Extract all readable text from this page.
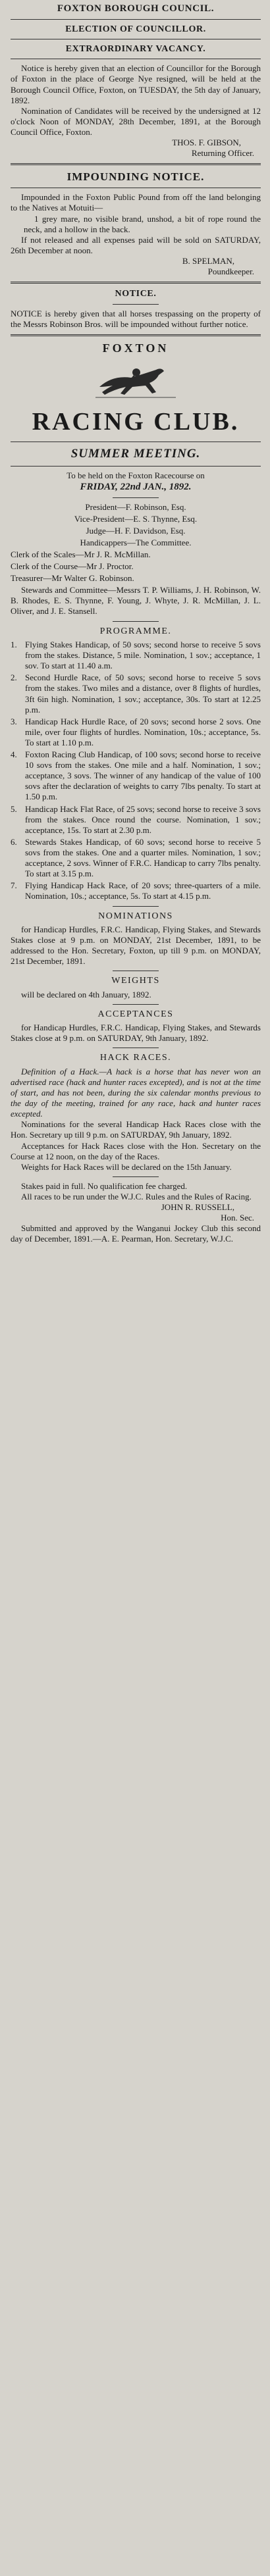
FOXTON BOROUGH COUNCIL.

ELECTION OF COUNCILLOR.

EXTRAORDINARY VACANCY.

Notice is hereby given that an election of Councillor for the Borough of Foxton in the place of George Nye resigned, will be held at the Borough Council Office, Foxton, on TUESDAY, the 5th day of January, 1892.

Nomination of Candidates will be received by the undersigned at 12 o'clock Noon of MONDAY, 28th December, 1891, at the Borough Council Office, Foxton.

THOS. F. GIBSON,

Returning Officer.

IMPOUNDING NOTICE.

Impounded in the Foxton Public Pound from off the land belonging to the Natives at Motuiti—

1 grey mare, no visible brand, unshod, a bit of rope round the neck, and a hollow in the back.

If not released and all expenses paid will be sold on SATURDAY, 26th December at noon.

B. SPELMAN,

Poundkeeper.

NOTICE.

NOTICE is hereby given that all horses trespassing on the property of the Messrs Robinson Bros. will be impounded without further notice.

FOXTON

RACING CLUB.

SUMMER MEETING.

To be held on the Foxton Racecourse on

FRIDAY, 22nd JAN., 1892.

President—F. Robinson, Esq.

Vice-President—E. S. Thynne, Esq.

Judge—H. F. Davidson, Esq.

Handicappers—The Committee.

Clerk of the Scales—Mr J. R. McMillan.

Clerk of the Course—Mr J. Proctor.

Treasurer—Mr Walter G. Robinson.

Stewards and Committee—Messrs T. P. Williams, J. H. Robinson, W. B. Rhodes, E. S. Thynne, F. Young, J. Whyte, J. R. McMillan, J. L. Oliver, and J. E. Stansell.

PROGRAMME.

1. Flying Stakes Handicap, of 50 sovs; second horse to receive 5 sovs from the stakes. Distance, 5 mile. Nomination, 1 sov.; acceptance, 1 sov. To start at 11.40 a.m.
2. Second Hurdle Race, of 50 sovs; second horse to receive 5 sovs from the stakes. Two miles and a distance, over 8 flights of hurdles, 3ft 6in high. Nomination, 1 sov.; acceptance, 30s. To start at 12.25 p.m.
3. Handicap Hack Hurdle Race, of 20 sovs; second horse 2 sovs. One mile, over four flights of hurdles. Nomination, 10s.; acceptance, 5s. To start at 1.10 p.m.
4. Foxton Racing Club Handicap, of 100 sovs; second horse to receive 10 sovs from the stakes. One mile and a half. Nomination, 1 sov.; acceptance, 3 sovs. The winner of any handicap of the value of 100 sovs after the declaration of weights to carry 7lbs penalty. To start at 1.50 p.m.
5. Handicap Hack Flat Race, of 25 sovs; second horse to receive 3 sovs from the stakes. Once round the course. Nomination, 1 sov.; acceptance, 15s. To start at 2.30 p.m.
6. Stewards Stakes Handicap, of 60 sovs; second horse to receive 5 sovs from the stakes. One and a quarter miles. Nomination, 1 sov.; acceptance, 2 sovs. Winner of F.R.C. Handicap to carry 7lbs penalty. To start at 3.15 p.m.
7. Flying Handicap Hack Race, of 20 sovs; three-quarters of a mile. Nomination, 10s.; acceptance, 5s. To start at 4.15 p.m.

NOMINATIONS

for Handicap Hurdles, F.R.C. Handicap, Flying Stakes, and Stewards Stakes close at 9 p.m. on MONDAY, 21st December, 1891, to be addressed to the Hon. Secretary, Foxton, up till 9 p.m. on MONDAY, 21st December, 1891.

WEIGHTS

will be declared on 4th January, 1892.

ACCEPTANCES

for Handicap Hurdles, F.R.C. Handicap, Flying Stakes, and Stewards Stakes close at 9 p.m. on SATURDAY, 9th January, 1892.

HACK RACES.

Definition of a Hack.—A hack is a horse that has never won an advertised race (hack and hunter races excepted), and is not at the time of start, and has not been, during the six calendar months previous to the day of the meeting, trained for any race, hack and hunter races excepted.

Nominations for the several Handicap Hack Races close with the Hon. Secretary up till 9 p.m. on SATURDAY, 9th January, 1892.

Acceptances for Hack Races close with the Hon. Secretary on the Course at 12 noon, on the day of the Races.

Weights for Hack Races will be declared on the 15th January.

Stakes paid in full. No qualification fee charged.

All races to be run under the W.J.C. Rules and the Rules of Racing.

JOHN R. RUSSELL,

Hon. Sec.

Submitted and approved by the Wanganui Jockey Club this second day of December, 1891.—A. E. Pearman, Hon. Secretary, W.J.C.
